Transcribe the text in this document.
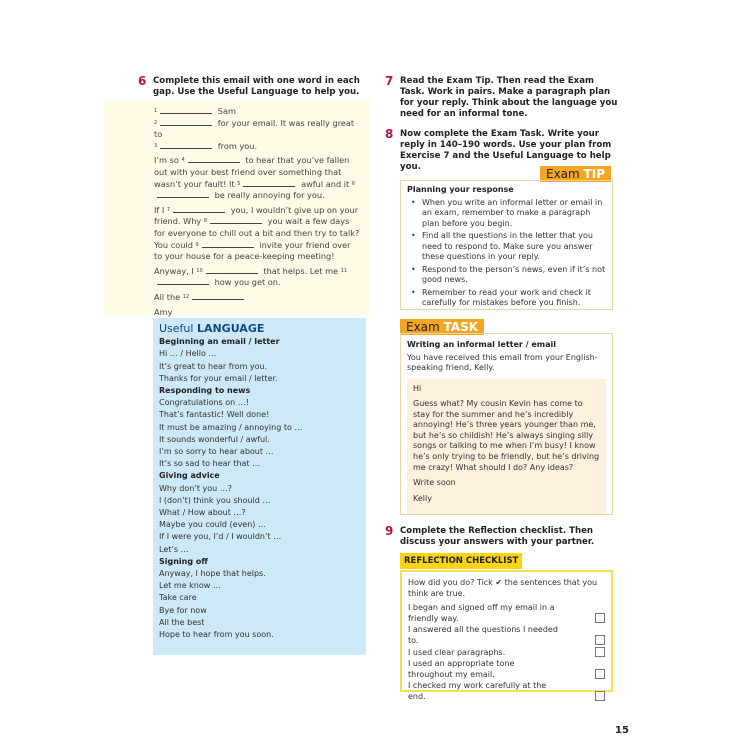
6 Complete this email with one word in each gap. Use the Useful Language to help you.

$^1$	Sam

$^2$	for your email. It was really great to

$^3$	from you.

I’m so $^4$	to hear that you’ve fallen out with your best friend over something that wasn’t your fault! It $^5$	awful and it $^6$ be really annoying for you.

If I $^7$	you, I wouldn’t give up on your friend. Why $^8$	you wait a few days for everyone to chill out a bit and then try to talk? You could $^9$	invite your friend over to your house for a peace-keeping meeting!

Anyway, I $^{10}$	that helps. Let me $^{11}$ how you get on.

All the $^{12}$

Amy

Useful LANGUAGE
Beginning an email / letter
Hi … / Hello …
It’s great to hear from you.
Thanks for your email / letter.
Responding to news
Congratulations on …!
That’s fantastic! Well done!
It must be amazing / annoying to …
It sounds wonderful / awful.
I’m so sorry to hear about …
It’s so sad to hear that …
Giving advice
Why don’t you …?
I (don’t) think you should …
What / How about …?
Maybe you could (even) …
If I were you, I’d / I wouldn’t …
Let’s …
Signing off
Anyway, I hope that helps.
Let me know …
Take care
Bye for now
All the best
Hope to hear from you soon.
7 Read the Exam Tip. Then read the Exam Task. Work in pairs. Make a paragraph plan for your reply. Think about the language you need for an informal tone.
8 Now complete the Exam Task. Write your reply in 140–190 words. Use your plan from Exercise 7 and the Useful Language to help you.	Exam TIP
Planning your response
• When you write an informal letter or email in an exam, remember to make a paragraph plan before you begin.
• Find all the questions in the letter that you need to respond to. Make sure you answer these questions in your reply.
• Respond to the person’s news, even if it’s not good news.
• Remember to read your work and check it carefully for mistakes before you finish.
Exam TASK
Writing an informal letter / email
You have received this email from your English-speaking friend, Kelly.

Hi

Guess what? My cousin Kevin has come to stay for the summer and he’s incredibly annoying! He’s three years younger than me, but he’s so childish! He’s always singing silly songs or talking to me when I’m busy! I know he’s only trying to be friendly, but he’s driving me crazy! What should I do? Any ideas?

Write soon

Kelly

9 Complete the Reflection checklist. Then discuss your answers with your partner.
REFLECTION CHECKLIST
How did you do? Tick ✔ the sentences that you think are true.
I began and signed off my email in a friendly way.
I answered all the questions I needed to.
I used clear paragraphs.
I used an appropriate tone throughout my email.
I checked my work carefully at the end.
15
